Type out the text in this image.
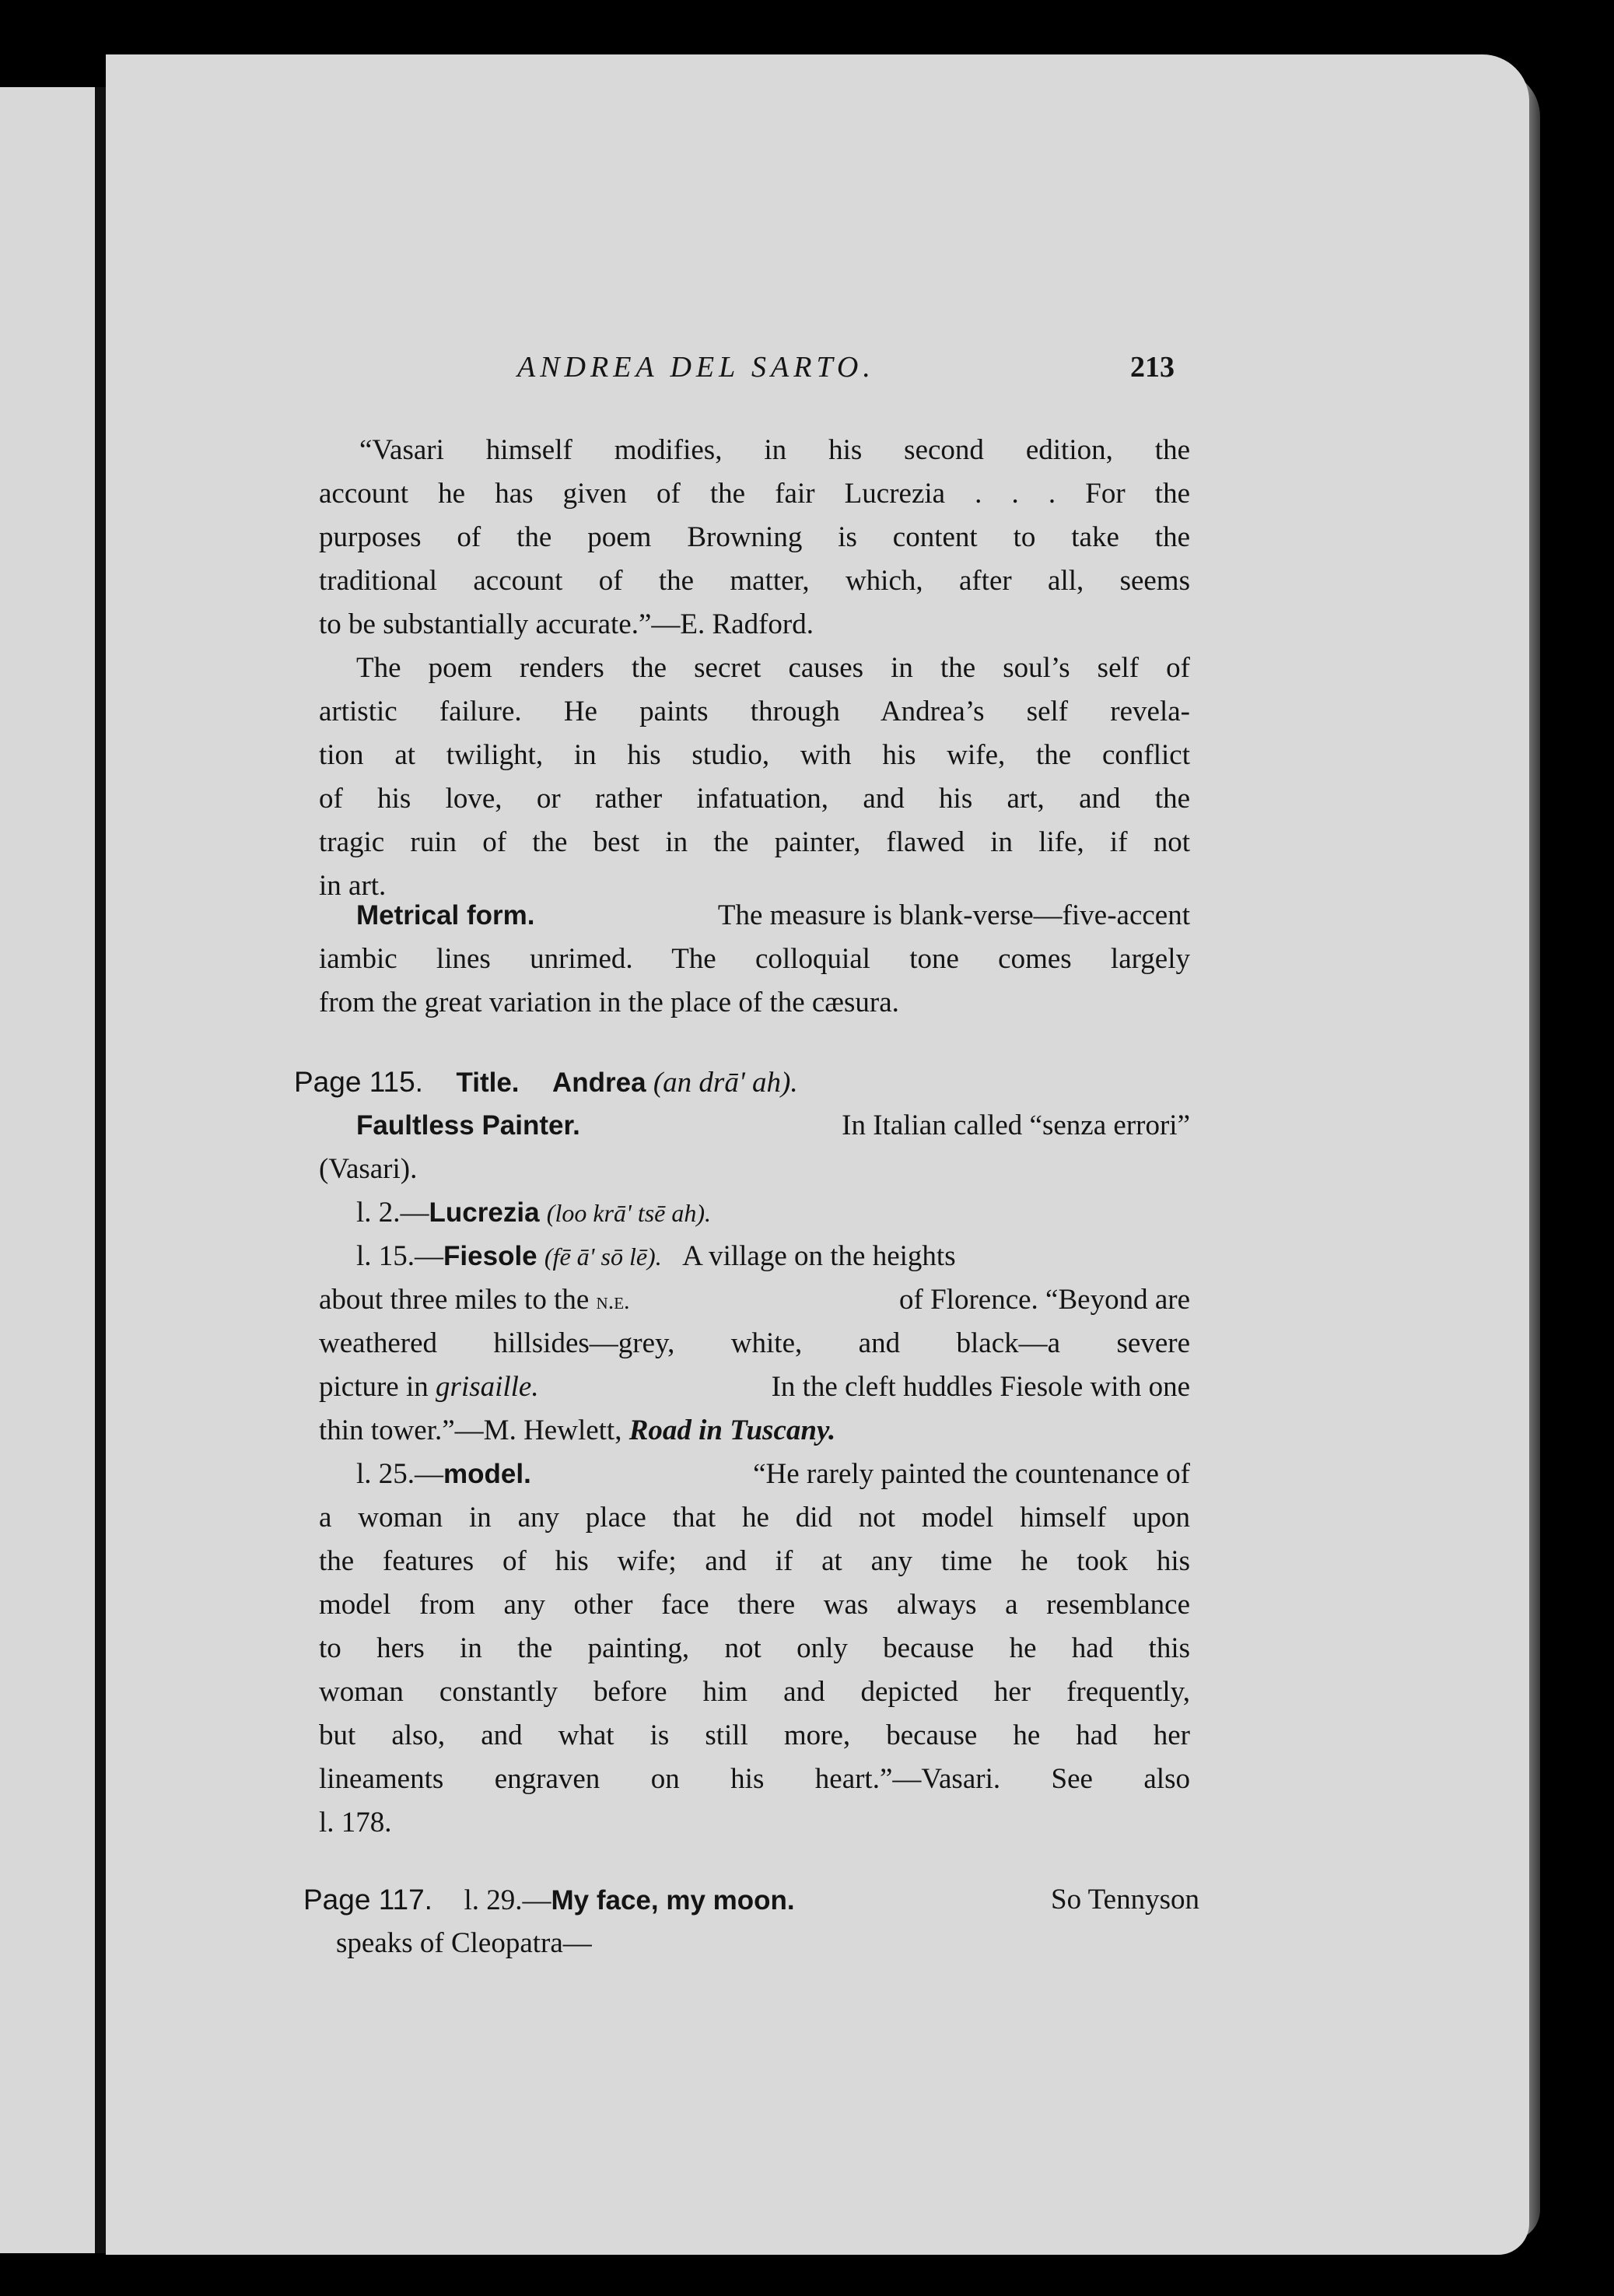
ANDREA DEL SARTO.	213
“Vasari himself modifies, in his second edition, the
account he has given of the fair Lucrezia . . . For the
purposes of the poem Browning is content to take the
traditional account of the matter, which, after all, seems
to be substantially accurate.”—E. Radford.
The poem renders the secret causes in the soul’s self of
artistic failure. He paints through Andrea’s self revela-
tion at twilight, in his studio, with his wife, the conflict
of his love, or rather infatuation, and his art, and the
tragic ruin of the best in the painter, flawed in life, if not
in art.
Metrical form.	The measure is blank-verse—five-accent
iambic lines unrimed. The colloquial tone comes largely
from the great variation in the place of the cæsura.
Page 115. Title. Andrea (an drā' ah).
Faultless Painter.	In Italian called “senza errori”
(Vasari).
l. 2.—Lucrezia (loo krā' tsē ah).
l. 15.—Fiesole (fē ā' sō lē). A village on the heights
about three miles to the n.e.	of Florence. “Beyond are
weathered hillsides—grey, white, and black—a severe
picture in grisaille.	In the cleft huddles Fiesole with one
thin tower.”—M. Hewlett, Road in Tuscany.
l. 25.—model.	“He rarely painted the countenance of
a woman in any place that he did not model himself upon
the features of his wife; and if at any time he took his
model from any other face there was always a resemblance
to hers in the painting, not only because he had this
woman constantly before him and depicted her frequently,
but also, and what is still more, because he had her
lineaments engraven on his heart.”—Vasari. See also
l. 178.
Page 117. l. 29.—My face, my moon.	So Tennyson
speaks of Cleopatra—
